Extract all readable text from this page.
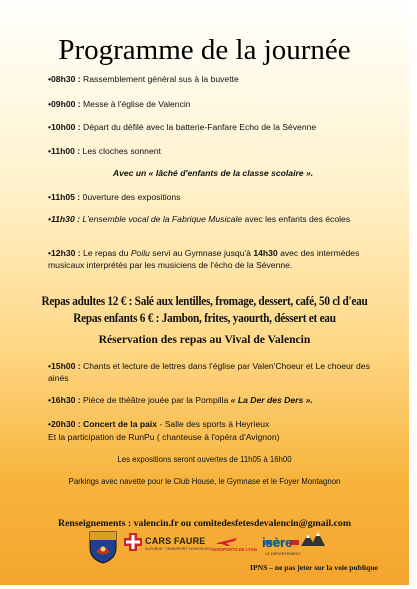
Programme de la journée
•08h30 : Rassemblement général sus à la buvette
•09h00 : Messe à l'église de Valencin
•10h00 : Départ du défilé avec la batterie-Fanfare Echo de la Sévenne
•11h00 : Les cloches sonnent
Avec un « lâché d'enfants de la classe scolaire ».
•11h05 : 0uverture des expositions
•11h30 : L'ensemble vocal de la Fabrique Musicale avec les enfants des écoles
•12h30 : Le repas du Poilu servi au Gymnase jusqu'à 14h30 avec des intermèdes musicaux interprétés par les musiciens de l'écho de la Sévenne.
Repas adultes 12 € : Salé aux lentilles, fromage, dessert, café, 50 cl d'eau
Repas enfants 6 € : Jambon, frites, yaourth, déssert et eau
Réservation des repas au Vival de Valencin
•15h00 : Chants et lecture de lettres dans l'église par Valen'Choeur et Le choeur des ainés
•16h30 : Pièce de théâtre jouée par la Pompilla « La Der des Ders ».
•20h30 : Concert de la paix - Salle des sports à Heyrieux
Et la participation de RunPu ( chanteuse à l'opéra d'Avignon)
Les expositions seront ouvertes de 11h05 à 16h00
Parkings avec navette pour le Club House, le Gymnase et le Foyer Montagnon
Renseignements : valencin.fr ou comitedesfetesdevalencin@gmail.com
CARS FAURE
AUTOBUS · TRANSPORT VOYAGEURS AEROPORTS DE LYON isère
LE DÉPARTEMENT
IPNS – ne pas jeter sur la voie publique
